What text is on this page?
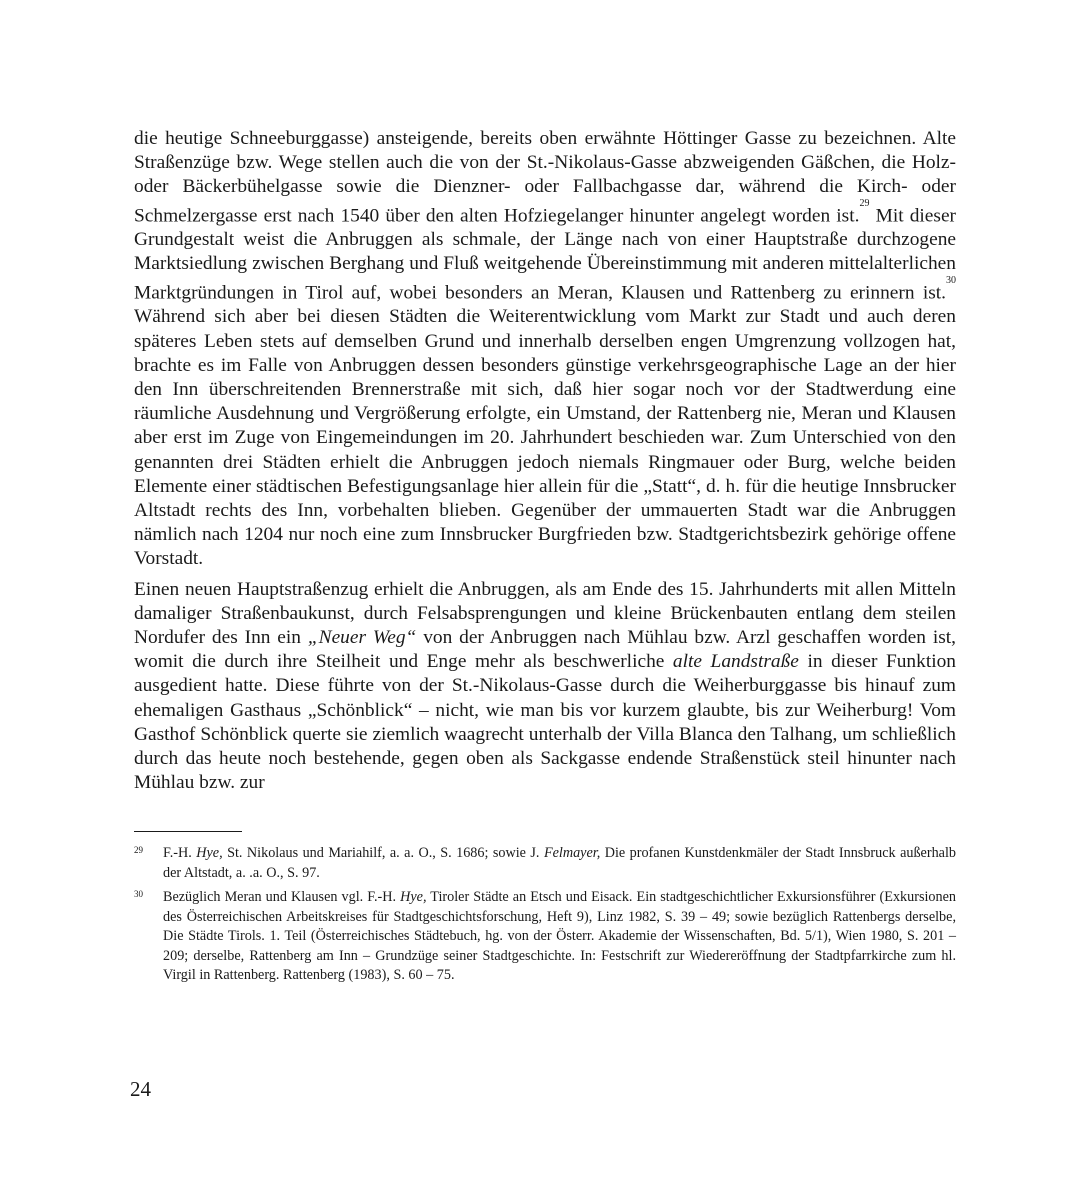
die heutige Schneeburggasse) ansteigende, bereits oben erwähnte Höttinger Gasse zu bezeichnen. Alte Straßenzüge bzw. Wege stellen auch die von der St.-Nikolaus-Gasse abzweigenden Gäßchen, die Holz- oder Bäckerbühelgasse sowie die Dienzner- oder Fallbachgasse dar, während die Kirch- oder Schmelzergasse erst nach 1540 über den alten Hofziegelanger hinunter angelegt worden ist.$^{29}$ Mit dieser Grundgestalt weist die Anbruggen als schmale, der Länge nach von einer Hauptstraße durchzogene Marktsiedlung zwischen Berghang und Fluß weitgehende Übereinstimmung mit anderen mittelalterlichen Marktgründungen in Tirol auf, wobei besonders an Meran, Klausen und Rattenberg zu erinnern ist.$^{30}$ Während sich aber bei diesen Städten die Weiterentwicklung vom Markt zur Stadt und auch deren späteres Leben stets auf demselben Grund und innerhalb derselben engen Umgrenzung vollzogen hat, brachte es im Falle von Anbruggen dessen besonders günstige verkehrsgeographische Lage an der hier den Inn überschreitenden Brennerstraße mit sich, daß hier sogar noch vor der Stadtwerdung eine räumliche Ausdehnung und Vergrößerung erfolgte, ein Umstand, der Rattenberg nie, Meran und Klausen aber erst im Zuge von Eingemeindungen im 20. Jahrhundert beschieden war. Zum Unterschied von den genannten drei Städten erhielt die Anbruggen jedoch niemals Ringmauer oder Burg, welche beiden Elemente einer städtischen Befestigungsanlage hier allein für die „Statt“, d. h. für die heutige Innsbrucker Altstadt rechts des Inn, vorbehalten blieben. Gegenüber der ummauerten Stadt war die Anbruggen nämlich nach 1204 nur noch eine zum Innsbrucker Burgfrieden bzw. Stadtgerichtsbezirk gehörige offene Vorstadt.

Einen neuen Hauptstraßenzug erhielt die Anbruggen, als am Ende des 15. Jahrhunderts mit allen Mitteln damaliger Straßenbaukunst, durch Felsabsprengungen und kleine Brückenbauten entlang dem steilen Nordufer des Inn ein „Neuer Weg“ von der Anbruggen nach Mühlau bzw. Arzl geschaffen worden ist, womit die durch ihre Steilheit und Enge mehr als beschwerliche alte Landstraße in dieser Funktion ausgedient hatte. Diese führte von der St.-Nikolaus-Gasse durch die Weiherburggasse bis hinauf zum ehemaligen Gasthaus „Schönblick“ – nicht, wie man bis vor kurzem glaubte, bis zur Weiherburg! Vom Gasthof Schönblick querte sie ziemlich waagrecht unterhalb der Villa Blanca den Talhang, um schließlich durch das heute noch bestehende, gegen oben als Sackgasse endende Straßenstück steil hinunter nach Mühlau bzw. zur

29	F.-H. Hye, St. Nikolaus und Mariahilf, a. a. O., S. 1686; sowie J. Felmayer, Die profanen Kunstdenkmäler der Stadt Innsbruck außerhalb der Altstadt, a. .a. O., S. 97.
30	Bezüglich Meran und Klausen vgl. F.-H. Hye, Tiroler Städte an Etsch und Eisack. Ein stadtgeschichtlicher Exkursionsführer (Exkursionen des Österreichischen Arbeitskreises für Stadtgeschichtsforschung, Heft 9), Linz 1982, S. 39 – 49; sowie bezüglich Rattenbergs derselbe, Die Städte Tirols. 1. Teil (Österreichisches Städtebuch, hg. von der Österr. Akademie der Wissenschaften, Bd. 5/1), Wien 1980, S. 201 – 209; derselbe, Rattenberg am Inn – Grundzüge seiner Stadtgeschichte. In: Festschrift zur Wiedereröffnung der Stadtpfarrkirche zum hl. Virgil in Rattenberg. Rattenberg (1983), S. 60 – 75.
24
